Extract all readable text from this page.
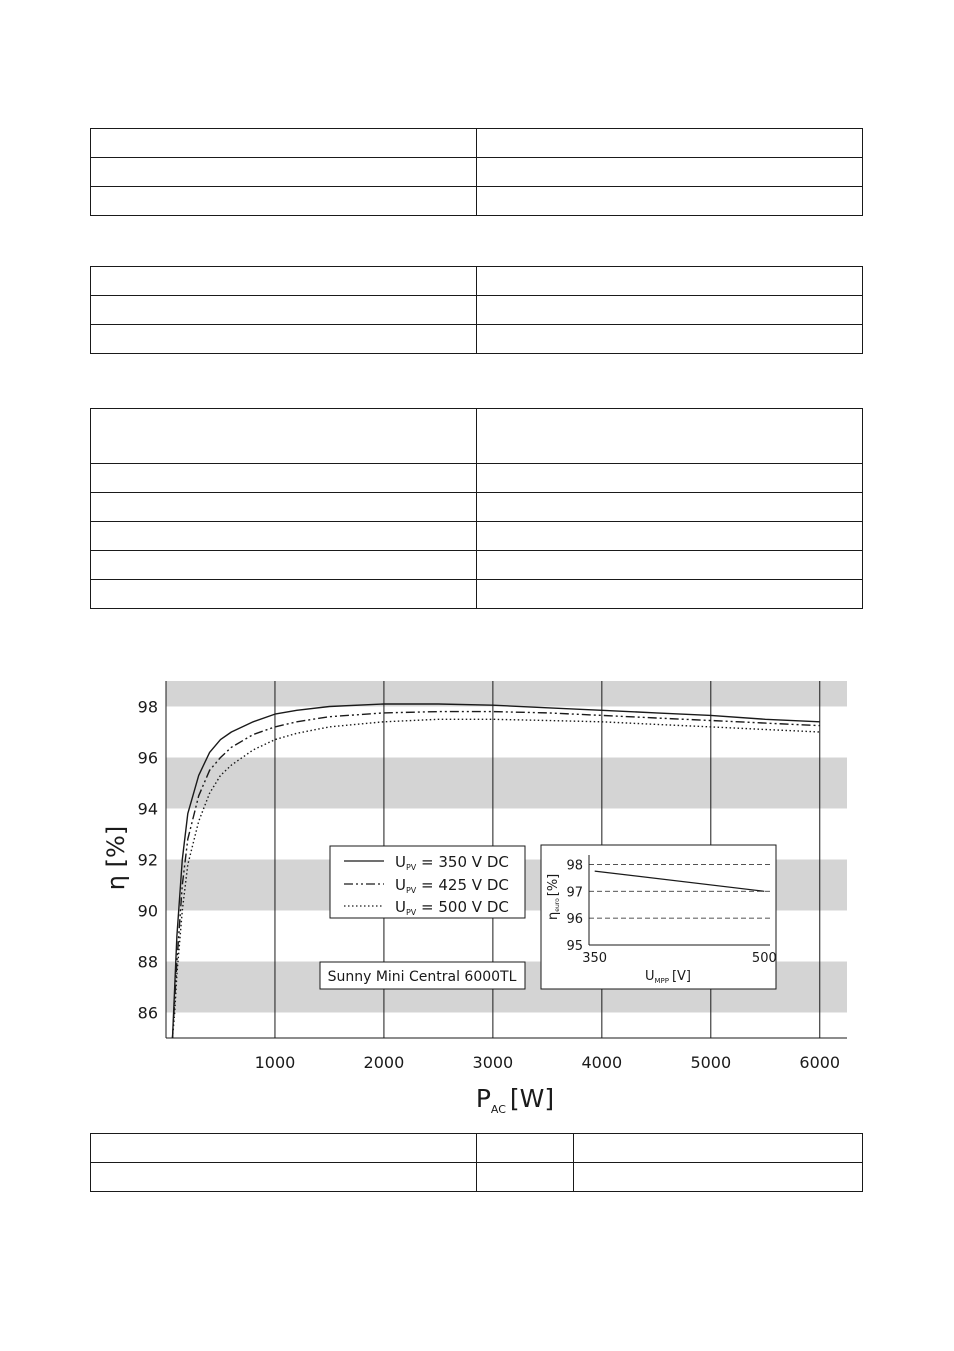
86
88
90
92
94
96
98
1000	2000	3000	4000	5000	6000
η [%]
$P_{AC}$ [W]
$U_{PV} = 350$ V DC
$U_{PV} = 425$ V DC
$U_{PV} = 500$ V DC
Sunny Mini Central 6000TL
95
96
97
98
350	500
ηeuro[%]
$U_{MPP}$ [V]
